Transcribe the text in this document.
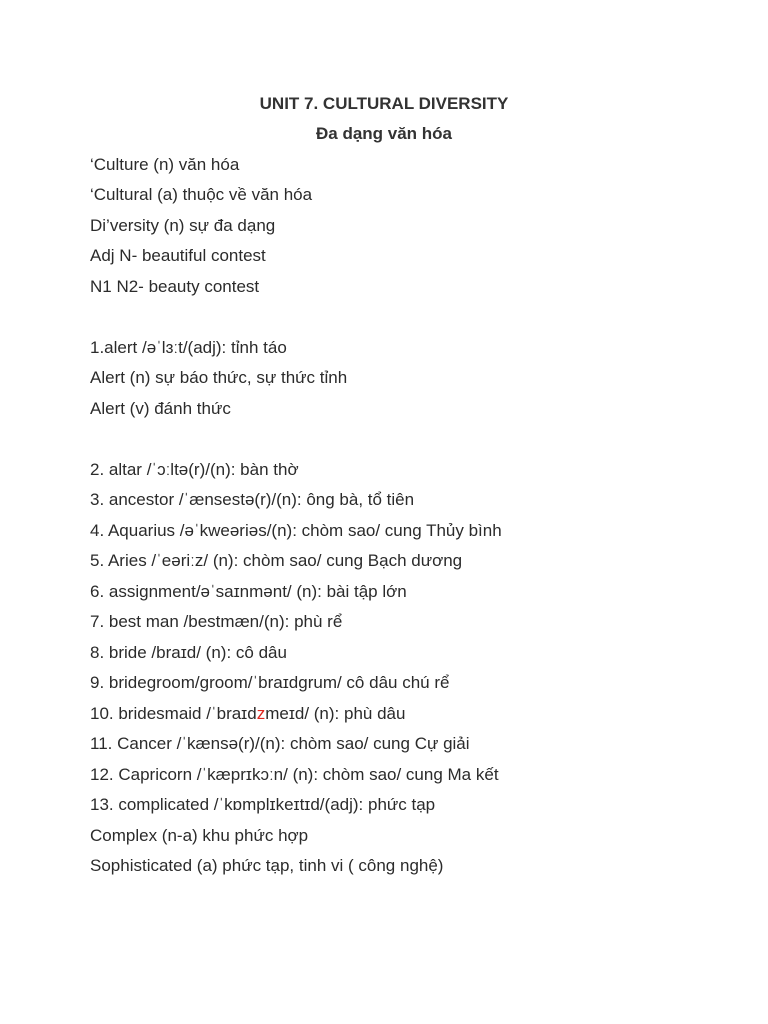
UNIT 7. CULTURAL DIVERSITY
Đa dạng văn hóa
‘Culture (n) văn hóa
‘Cultural (a) thuộc về văn hóa
Di’versity (n) sự đa dạng
Adj N- beautiful contest
N1 N2- beauty contest
1.alert /əˈlɜːt/(adj): tỉnh táo
Alert (n) sự báo thức, sự thức tỉnh
Alert (v) đánh thức
2. altar /ˈɔːltə(r)/(n): bàn thờ
3. ancestor /ˈænsestə(r)/(n): ông bà, tổ tiên
4. Aquarius /əˈkweəriəs/(n): chòm sao/ cung Thủy bình
5. Aries /ˈeəriːz/ (n): chòm sao/ cung Bạch dương
6. assignment/əˈsaɪnmənt/ (n): bài tập lớn
7. best man /bestmæn/(n): phù rể
8. bride /braɪd/ (n): cô dâu
9. bridegroom/groom/ˈbraɪdgrum/ cô dâu chú rể
10. bridesmaid /ˈbraɪdzmeɪd/ (n): phù dâu
11. Cancer /ˈkænsə(r)/(n): chòm sao/ cung Cự giải
12. Capricorn /ˈkæprɪkɔːn/ (n): chòm sao/ cung Ma kết
13. complicated /ˈkɒmplɪkeɪtɪd/(adj): phức tạp
Complex (n-a) khu phức hợp
Sophisticated (a) phức tạp, tinh vi ( công nghệ)
